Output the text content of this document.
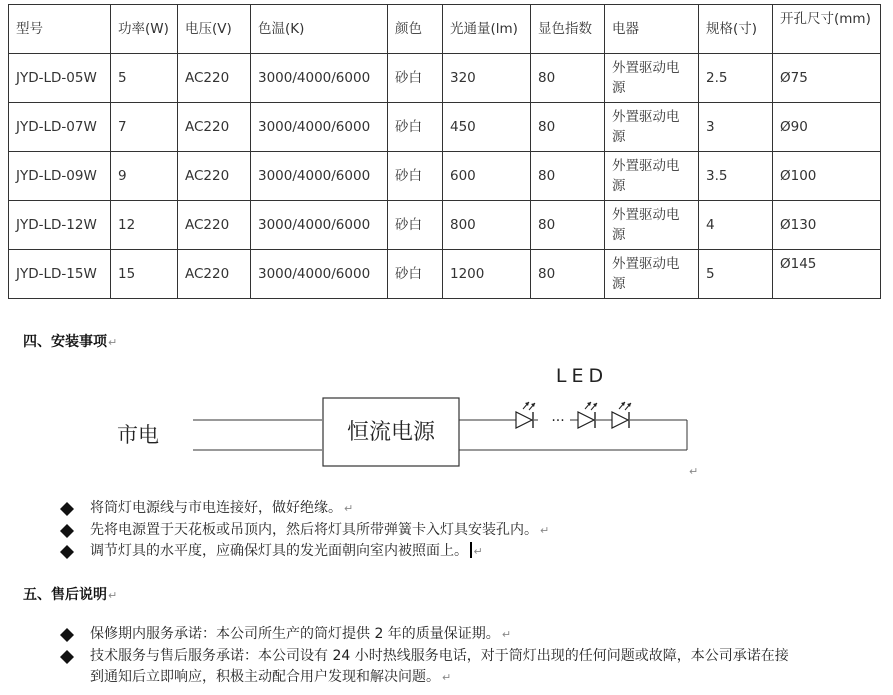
型号	功率(W)	电压(V)	色温(K)	颜色	光通量(lm)	显色指数	电器	规格(寸)	开孔尺寸(mm)
JYD-LD-05W	5	AC220	3000/4000/6000	砂白	320	80	外置驱动电源	2.5	Ø75
JYD-LD-07W	7	AC220	3000/4000/6000	砂白	450	80	外置驱动电源	3	Ø90
JYD-LD-09W	9	AC220	3000/4000/6000	砂白	600	80	外置驱动电源	3.5	Ø100
JYD-LD-12W	12	AC220	3000/4000/6000	砂白	800	80	外置驱动电源	4	Ø130
JYD-LD-15W	15	AC220	3000/4000/6000	砂白	1200	80	外置驱动电源	5	Ø145
四、安装事项↵
市电	恒流电源
LED
···
↵
将筒灯电源线与市电连接好，做好绝缘。 ↵
先将电源置于天花板或吊顶内，然后将灯具所带弹簧卡入灯具安装孔内。 ↵
调节灯具的水平度，应确保灯具的发光面朝向室内被照面上。 ↵
五、售后说明↵
保修期内服务承诺：本公司所生产的筒灯提供 2 年的质量保证期。 ↵
技术服务与售后服务承诺：本公司设有 24 小时热线服务电话，对于筒灯出现的任何问题或故障，本公司承诺在接到通知后立即响应，积极主动配合用户发现和解决问题。 ↵
